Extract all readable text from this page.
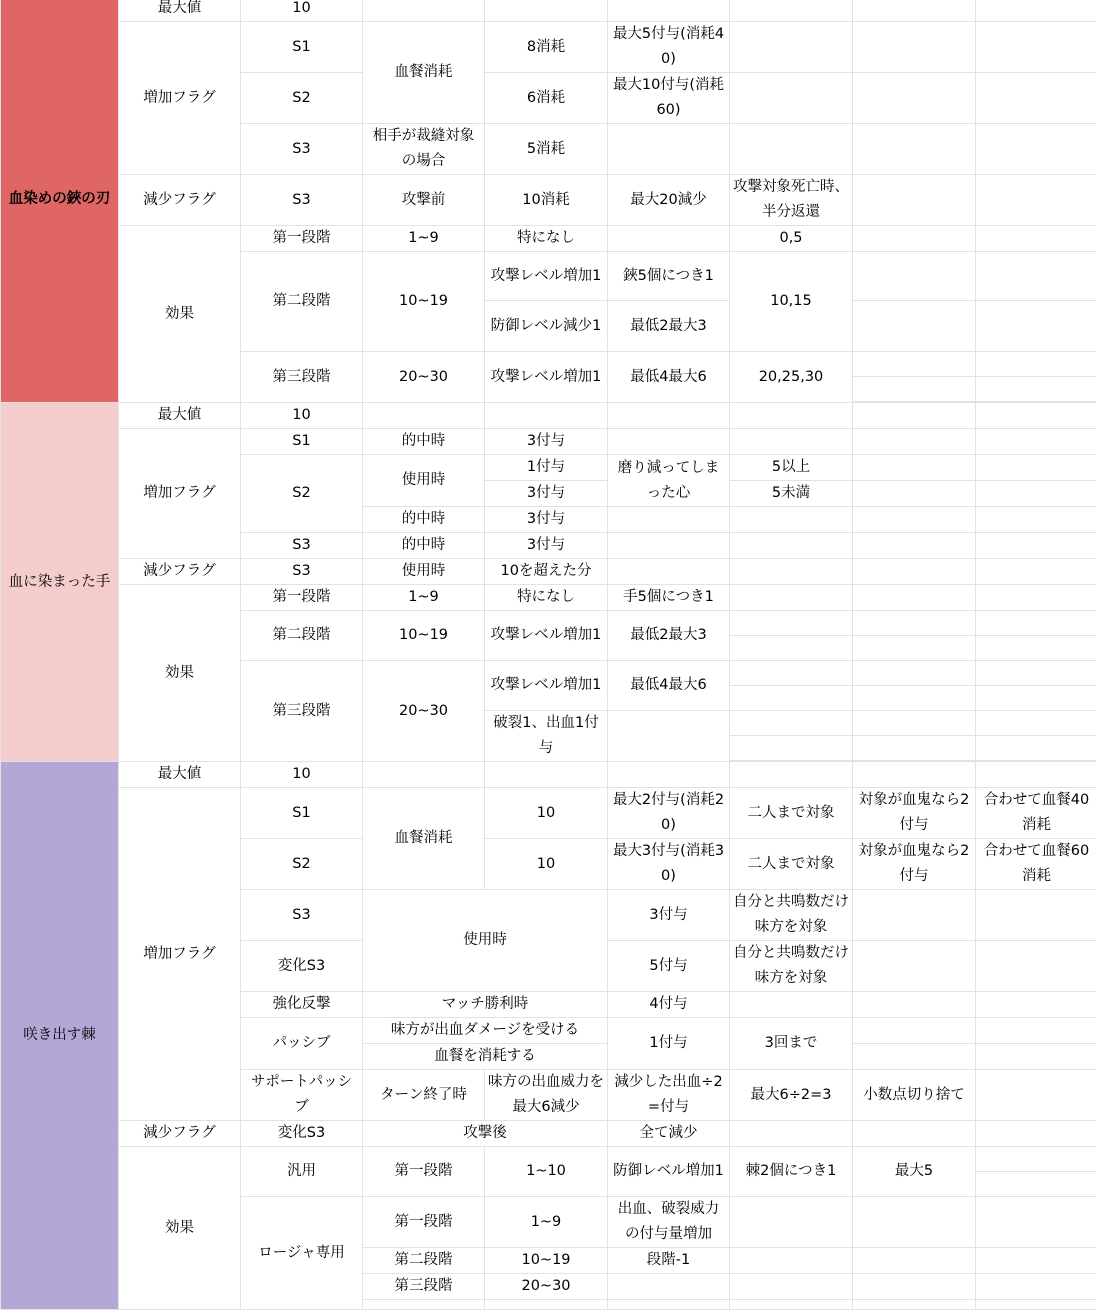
血染めの鋏の刃	最大値	10						
	増加フラグ	S1	血餐消耗	8消耗	最大5付与(消耗40)			
		S2		6消耗	最大10付与(消耗60)			
		S3	相手が裁縫対象の場合	5消耗				
	減少フラグ	S3	攻撃前	10消耗	最大20減少	攻撃対象死亡時、半分返還		
	効果	第一段階	1~9	特になし		0,5		
		第二段階	10~19	攻撃レベル増加1	鋏5個につき1	10,15		
				防御レベル減少1	最低2最大3			
		第三段階	20~30	攻撃レベル増加1	最低4最大6	20,25,30		

血に染まった手	最大値	10						
	増加フラグ	S1	的中時	3付与				
		S2	使用時	1付与	磨り減ってしまった心	5以上		
				3付与		5未満		
			的中時	3付与				
		S3	的中時	3付与				
	減少フラグ	S3	使用時	10を超えた分				
	効果	第一段階	1~9	特になし	手5個につき1			
		第二段階	10~19	攻撃レベル増加1	最低2最大3			

		第三段階	20~30	攻撃レベル増加1	最低4最大6			

				破裂1、出血1付与				

咲き出す棘	最大値	10						
	増加フラグ	S1	血餐消耗	10	最大2付与(消耗20)	二人まで対象	対象が血鬼なら2付与	合わせて血餐40消耗
		S2		10	最大3付与(消耗30)	二人まで対象	対象が血鬼なら2付与	合わせて血餐60消耗
		S3	使用時		3付与	自分と共鳴数だけ味方を対象		
		変化S3			5付与	自分と共鳴数だけ味方を対象		
		強化反撃	マッチ勝利時		4付与			
		パッシブ	味方が出血ダメージを受ける		1付与	3回まで		
			血餐を消耗する					
		サポートパッシブ	ターン終了時	味方の出血威力を最大6減少	減少した出血÷2=付与	最大6÷2=3	小数点切り捨て	
	減少フラグ	変化S3	攻撃後		全て減少			
	効果	汎用	第一段階	1~10	防御レベル増加1	棘2個につき1	最大5	

		ロージャ専用	第一段階	1~9	出血、破裂威力の付与量増加			
			第二段階	10~19	段階-1			
			第三段階	20~30				
